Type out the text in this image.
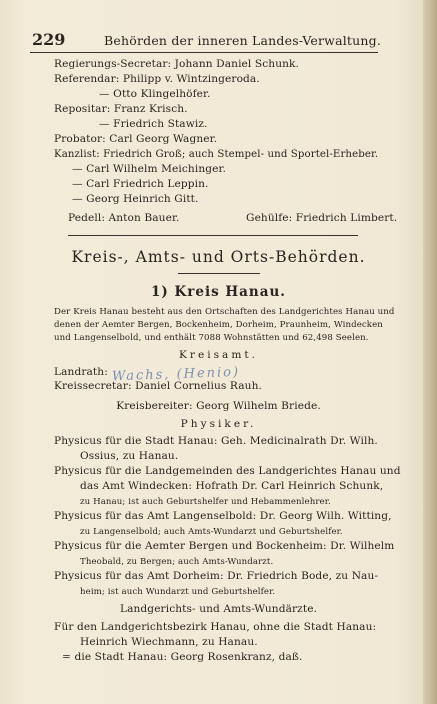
229	Behörden der inneren Landes-Verwaltung.
Regierungs-Secretar: Johann Daniel Schunk.
Referendar: Philipp v. Wintzingeroda.
— Otto Klingelhöfer.
Repositar: Franz Krisch.
— Friedrich Stawiz.
Probator: Carl Georg Wagner.
Kanzlist: Friedrich Groß; auch Stempel- und Sportel-Erheber.
— Carl Wilhelm Meichinger.
— Carl Friedrich Leppin.
— Georg Heinrich Gitt.
Pedell: Anton Bauer.	Gehülfe: Friedrich Limbert.
Kreis-, Amts- und Orts-Behörden.
1) Kreis Hanau.
Der Kreis Hanau besteht aus den Ortschaften des Landgerichtes Hanau und
denen der Aemter Bergen, Bockenheim, Dorheim, Praunheim, Windecken
und Langenselbold, und enthält 7088 Wohnstätten und 62,498 Seelen.
Kreisamt.
Landrath: Wachs, (Henio)
Kreissecretar: Daniel Cornelius Rauh.
Kreisbereiter: Georg Wilhelm Briede.
Physiker.
Physicus für die Stadt Hanau: Geh. Medicinalrath Dr. Wilh.
Ossius, zu Hanau.
Physicus für die Landgemeinden des Landgerichtes Hanau und
das Amt Windecken: Hofrath Dr. Carl Heinrich Schunk,
zu Hanau; ist auch Geburtshelfer und Hebammenlehrer.
Physicus für das Amt Langenselbold: Dr. Georg Wilh. Witting,
zu Langenselbold; auch Amts-Wundarzt und Geburtshelfer.
Physicus für die Aemter Bergen und Bockenheim: Dr. Wilhelm
Theobald, zu Bergen; auch Amts-Wundarzt.
Physicus für das Amt Dorheim: Dr. Friedrich Bode, zu Nau-
heim; ist auch Wundarzt und Geburtshelfer.
Landgerichts- und Amts-Wundärzte.
Für den Landgerichtsbezirk Hanau, ohne die Stadt Hanau:
Heinrich Wiechmann, zu Hanau.
= die Stadt Hanau: Georg Rosenkranz, daß.
